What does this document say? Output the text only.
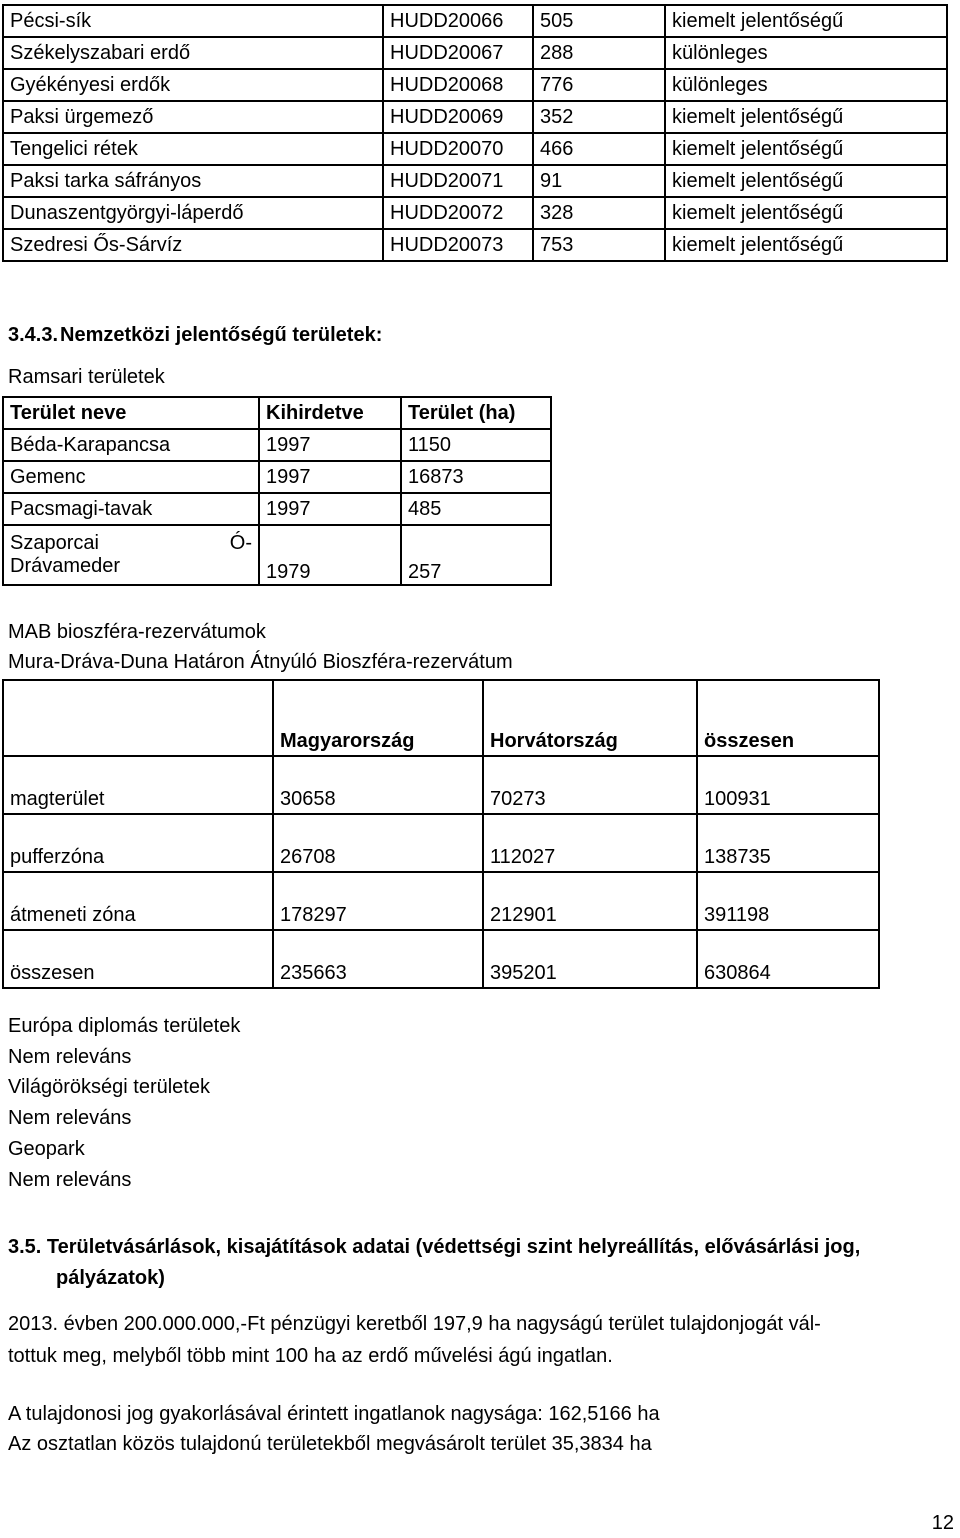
Pécsi-sík	HUDD20066	505	kiemelt jelentőségű
Székelyszabari erdő	HUDD20067	288	különleges
Gyékényesi erdők	HUDD20068	776	különleges
Paksi ürgemező	HUDD20069	352	kiemelt jelentőségű
Tengelici rétek	HUDD20070	466	kiemelt jelentőségű
Paksi tarka sáfrányos	HUDD20071	91	kiemelt jelentőségű
Dunaszentgyörgyi-láperdő	HUDD20072	328	kiemelt jelentőségű
Szedresi Ős-Sárvíz	HUDD20073	753	kiemelt jelentőségű
3.4.3. Nemzetközi jelentőségű területek:
Ramsari területek
Terület neve	Kihirdetve	Terület (ha)
Béda-Karapancsa	1997	1150
Gemenc	1997	16873
Pacsmagi-tavak	1997	485

Szaporcai Ó-
Drávameder	1979	257
MAB bioszféra-rezervátumok
Mura-Dráva-Duna Határon Átnyúló Bioszféra-rezervátum
	Magyarország	Horvátország	összesen
magterület	30658	70273	100931
pufferzóna	26708	112027	138735
átmeneti zóna	178297	212901	391198
összesen	235663	395201	630864
Európa diplomás területek
Nem releváns
Világörökségi területek
Nem releváns
Geopark
Nem releváns
3.5. Területvásárlások, kisajátítások adatai (védettségi szint helyreállítás, elővásárlási jog,
pályázatok)
2013. évben 200.000.000,-Ft pénzügyi keretből 197,9 ha nagyságú terület tulajdonjogát vál-
tottuk meg, melyből több mint 100 ha az erdő művelési ágú ingatlan.
A tulajdonosi jog gyakorlásával érintett ingatlanok nagysága: 162,5166 ha
Az osztatlan közös tulajdonú területekből megvásárolt terület 35,3834 ha
12
